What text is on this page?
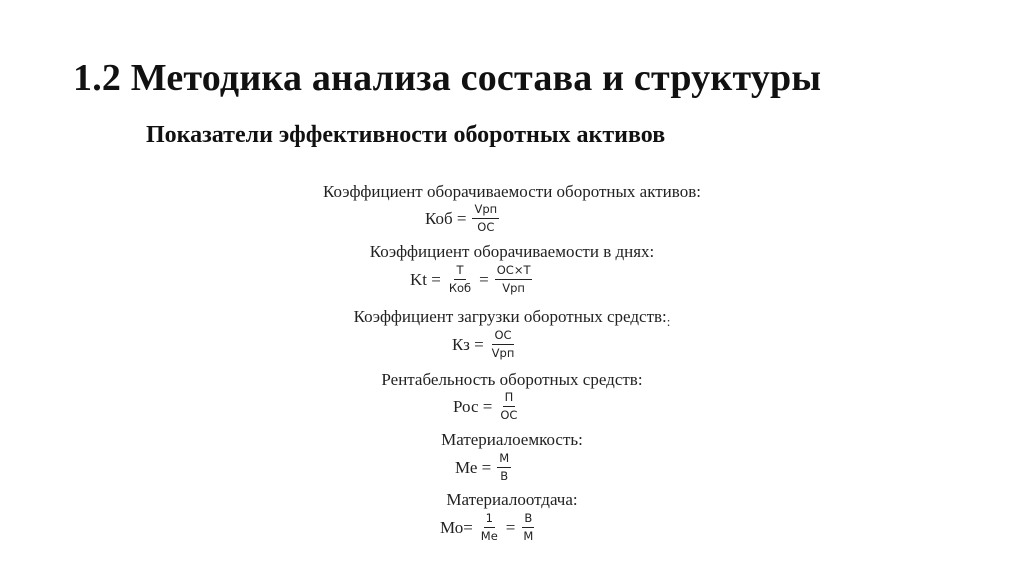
1.2 Методика анализа состава и структуры
Показатели эффективности оборотных активов
Коэффициент оборачиваемости оборотных активов:
Коб = $\frac{\text{Vрп}}{ОС}$
Коэффициент оборачиваемости в днях:
$Kt = \frac{Т}{\text{Коб}} = \frac{ОС\times Т}{\text{Vрп}}$
Коэффициент загрузки оборотных $средств:_:$
Кз = $\frac{ОС}{\text{Vрп}}$
Рентабельность оборотных средств:
Рос = $\frac{П}{ОС}$
Материалоемкость:
Ме = $\frac{М}{В}$
Материалоотдача:
$Мо= \frac{1}{Ме} = \frac{В}{М}$
